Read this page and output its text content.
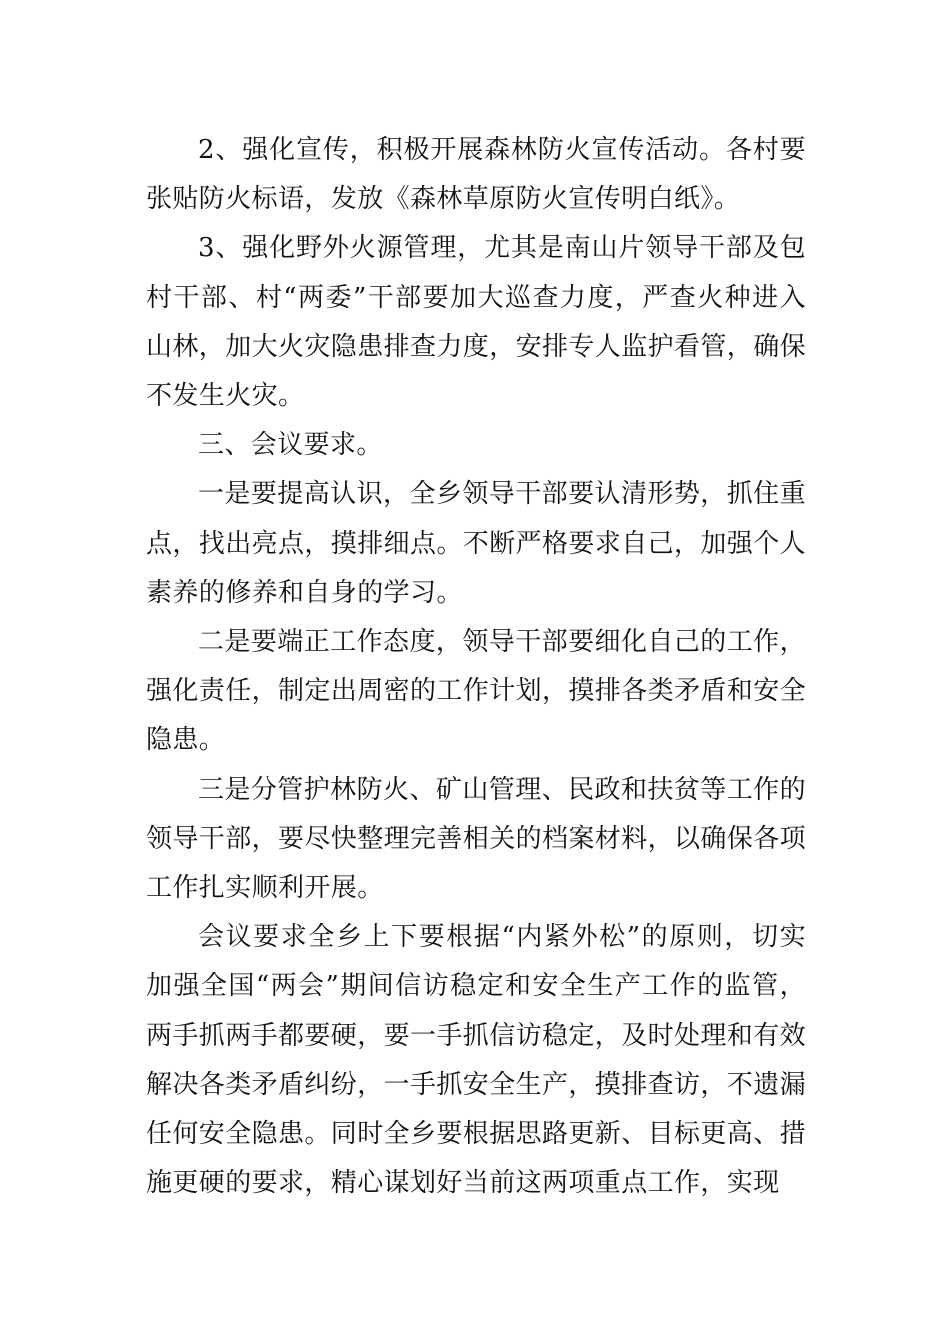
2、强化宣传，积极开展森林防火宣传活动。各村要张贴防火标语，发放《森林草原防火宣传明白纸》。

3、强化野外火源管理，尤其是南山片领导干部及包村干部、村“两委”干部要加大巡查力度，严查火种进入山林，加大火灾隐患排查力度，安排专人监护看管，确保不发生火灾。

三、会议要求。

一是要提高认识，全乡领导干部要认清形势，抓住重点，找出亮点，摸排细点。不断严格要求自己，加强个人素养的修养和自身的学习。

二是要端正工作态度，领导干部要细化自己的工作，强化责任，制定出周密的工作计划，摸排各类矛盾和安全隐患。

三是分管护林防火、矿山管理、民政和扶贫等工作的领导干部，要尽快整理完善相关的档案材料，以确保各项工作扎实顺利开展。

会议要求全乡上下要根据“内紧外松”的原则，切实加强全国“两会”期间信访稳定和安全生产工作的监管，两手抓两手都要硬，要一手抓信访稳定，及时处理和有效解决各类矛盾纠纷，一手抓安全生产，摸排查访，不遗漏任何安全隐患。同时全乡要根据思路更新、目标更高、措施更硬的要求，精心谋划好当前这两项重点工作，实现
